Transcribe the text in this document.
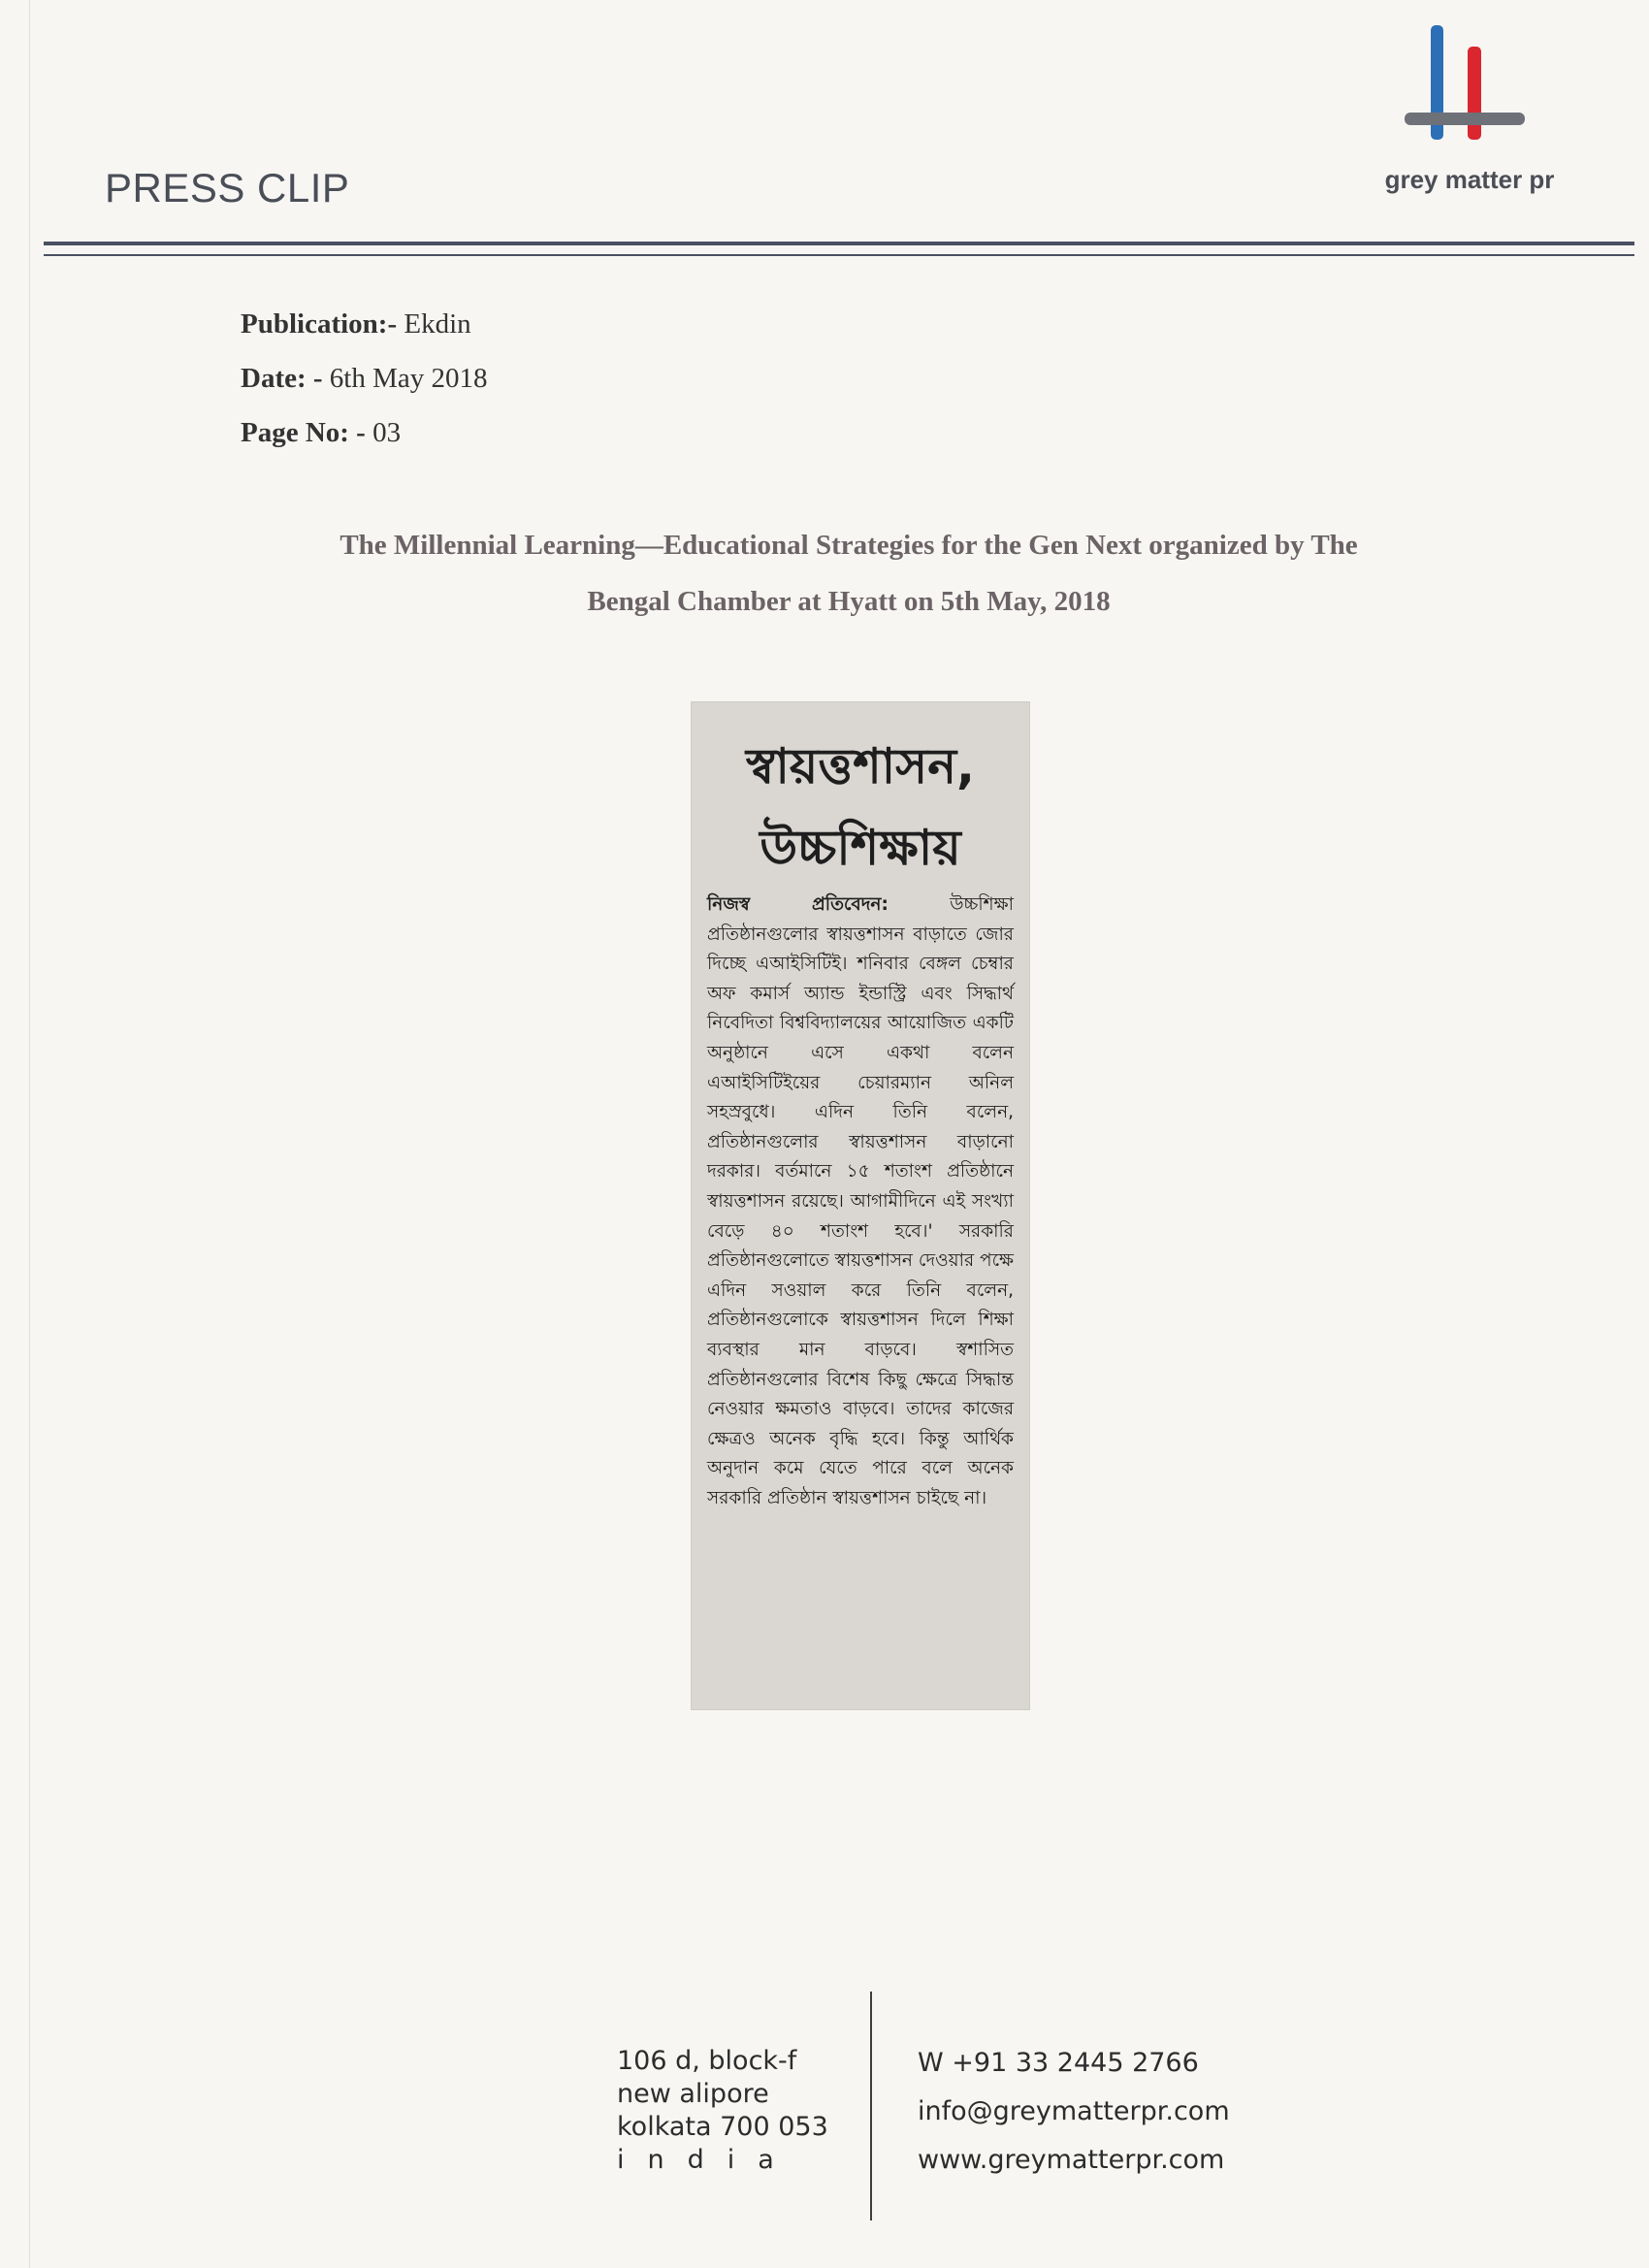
PRESS CLIP	grey matter pr
Publication:- Ekdin
Date: - 6th May 2018
Page No: - 03
The Millennial Learning—Educational Strategies for the Gen Next organized by The
Bengal Chamber at Hyatt on 5th May, 2018
স্বায়ত্তশাসন,
উচ্চশিক্ষায়
নিজস্ব প্রতিবেদন:	উচ্চশিক্ষা প্রতিষ্ঠানগুলোর স্বায়ত্তশাসন বাড়াতে জোর দিচ্ছে এআইসিটিই। শনিবার বেঙ্গল চেম্বার অফ কমার্স অ্যান্ড ইন্ডাস্ট্রি এবং সিদ্ধার্থ নিবেদিতা বিশ্ববিদ্যালয়ের আয়োজিত একটি অনুষ্ঠানে এসে একথা বলেন এআইসিটিইয়ের চেয়ারম্যান অনিল সহস্রবুধে। এদিন তিনি বলেন, প্রতিষ্ঠানগুলোর স্বায়ত্তশাসন বাড়ানো দরকার। বর্তমানে ১৫ শতাংশ প্রতিষ্ঠানে স্বায়ত্তশাসন রয়েছে। আগামীদিনে এই সংখ্যা বেড়ে ৪০ শতাংশ হবে।' সরকারি প্রতিষ্ঠানগুলোতে স্বায়ত্তশাসন দেওয়ার পক্ষে এদিন সওয়াল করে তিনি বলেন, প্রতিষ্ঠানগুলোকে স্বায়ত্তশাসন দিলে শিক্ষা ব্যবস্থার মান বাড়বে। স্বশাসিত প্রতিষ্ঠানগুলোর বিশেষ কিছু ক্ষেত্রে সিদ্ধান্ত নেওয়ার ক্ষমতাও বাড়বে। তাদের কাজের ক্ষেত্রও অনেক বৃদ্ধি হবে। কিন্তু আর্থিক অনুদান কমে যেতে পারে বলে অনেক সরকারি প্রতিষ্ঠান স্বায়ত্তশাসন চাইছে না।
106 d, block-f
new alipore
kolkata 700 053
india
W +91 33 2445 2766
info@greymatterpr.com
www.greymatterpr.com
